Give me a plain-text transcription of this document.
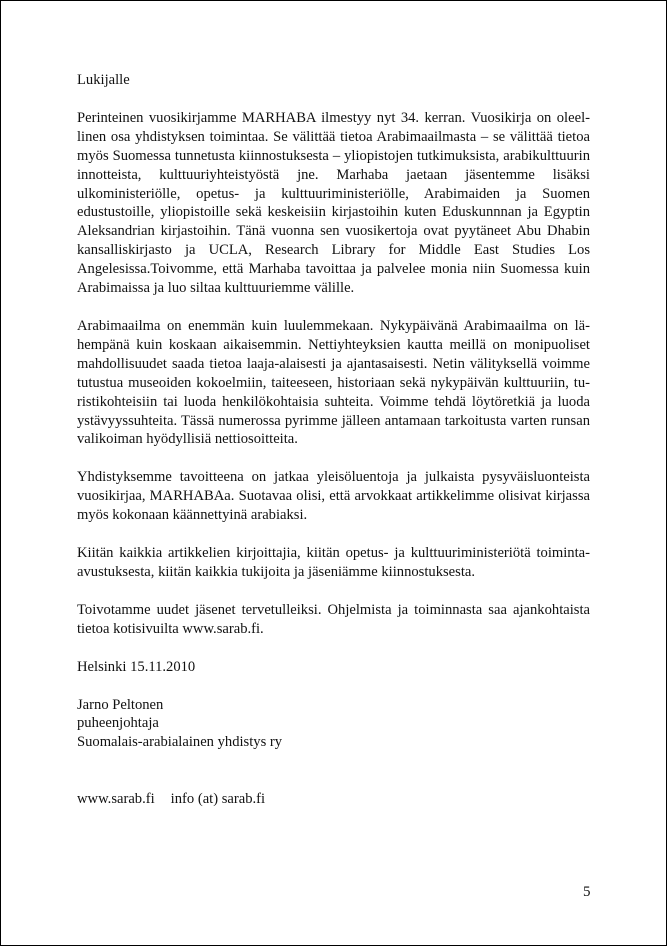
Lukijalle

Perinteinen vuosikirjamme MARHABA ilmestyy nyt 34. kerran. Vuosikirja on oleellinen osa yhdistyksen toimintaa. Se välittää tietoa Arabimaailmasta – se välittää tietoa myös Suomessa tunnetusta kiinnostuksesta – yliopistojen tutkimuksista, arabikulttuurin innotteista, kulttuuriyhteistyöstä jne. Marhaba jaetaan jäsentemme lisäksi ulkoministeriölle, opetus- ja kulttuuriministeriölle, Arabimaiden ja Suomen edustustoille, yliopistoille sekä keskeisiin kirjastoihin kuten Eduskunnnan ja Egyptin Aleksandrian kirjastoihin. Tänä vuonna sen vuosikertoja ovat pyytäneet Abu Dhabin kansalliskirjasto ja UCLA, Research Library for Middle East Studies Los Angelesissa.Toivomme, että Marhaba tavoittaa ja palvelee monia niin Suomessa kuin Arabimaissa ja luo siltaa kulttuuriemme välille.

Arabimaailma on enemmän kuin luulemmekaan. Nykypäivänä Arabimaailma on lähempänä kuin koskaan aikaisemmin. Nettiyhteyksien kautta meillä on monipuoliset mahdollisuudet saada tietoa laaja-alaisesti ja ajantasaisesti. Netin välityksellä voimme tutustua museoiden kokoelmiin, taiteeseen, historiaan sekä nykypäivän kulttuuriin, turistikohteisiin tai luoda henkilökohtaisia suhteita. Voimme tehdä löytöretkiä ja luoda ystävyyssuhteita. Tässä numerossa pyrimme jälleen antamaan tarkoitusta varten runsan valikoiman hyödyllisiä nettiosoitteita.

Yhdistyksemme tavoitteena on jatkaa yleisöluentoja ja julkaista pysyväisluonteista vuosikirjaa, MARHABAa. Suotavaa olisi, että arvokkaat artikkelimme olisivat kirjassa myös kokonaan käännettyinä arabiaksi.

Kiitän kaikkia artikkelien kirjoittajia, kiitän opetus- ja kulttuuriministeriötä toimintaavustuksesta, kiitän kaikkia tukijoita ja jäseniämme kiinnostuksesta.

Toivotamme uudet jäsenet tervetulleiksi. Ohjelmista ja toiminnasta saa ajankohtaista tietoa kotisivuilta www.sarab.fi.

Helsinki 15.11.2010

Jarno Peltonen
puheenjohtaja
Suomalais-arabialainen yhdistys ry

www.sarab.fi info (at) sarab.fi

5
